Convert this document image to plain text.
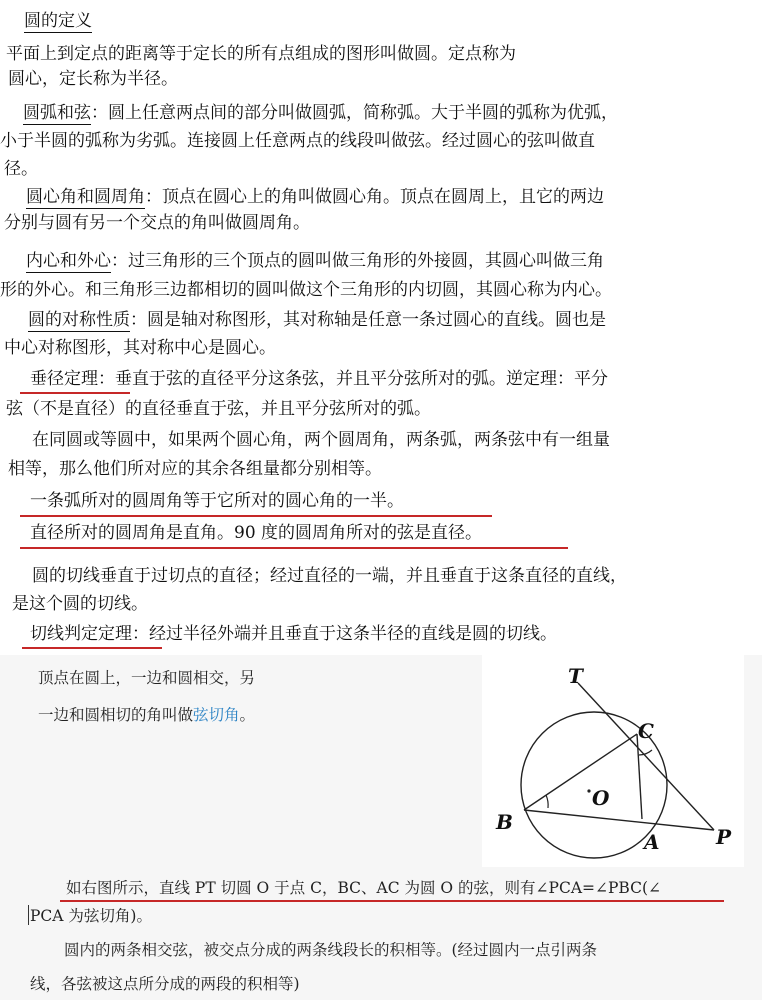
圆的定义
平面上到定点的距离等于定长的所有点组成的图形叫做圆。定点称为
圆心，定长称为半径。
圆弧和弦：圆上任意两点间的部分叫做圆弧，简称弧。大于半圆的弧称为优弧，
小于半圆的弧称为劣弧。连接圆上任意两点的线段叫做弦。经过圆心的弦叫做直
径。
圆心角和圆周角：顶点在圆心上的角叫做圆心角。顶点在圆周上，且它的两边
分别与圆有另一个交点的角叫做圆周角。
内心和外心：过三角形的三个顶点的圆叫做三角形的外接圆，其圆心叫做三角
形的外心。和三角形三边都相切的圆叫做这个三角形的内切圆，其圆心称为内心。
圆的对称性质：圆是轴对称图形，其对称轴是任意一条过圆心的直线。圆也是
中心对称图形，其对称中心是圆心。
垂径定理：垂直于弦的直径平分这条弦，并且平分弦所对的弧。逆定理：平分
弦（不是直径）的直径垂直于弦，并且平分弦所对的弧。
在同圆或等圆中，如果两个圆心角，两个圆周角，两条弧，两条弦中有一组量
相等，那么他们所对应的其余各组量都分别相等。
一条弧所对的圆周角等于它所对的圆心角的一半。
直径所对的圆周角是直角。90 度的圆周角所对的弦是直径。
圆的切线垂直于过切点的直径；经过直径的一端，并且垂直于这条直径的直线，
是这个圆的切线。
切线判定定理：经过半径外端并且垂直于这条半径的直线是圆的切线。
顶点在圆上，一边和圆相交，另
一边和圆相切的角叫做弦切角。
如右图所示，直线 PT 切圆 O 于点 C，BC、AC 为圆 O 的弦，则有∠PCA=∠PBC(∠
PCA 为弦切角)。
圆内的两条相交弦，被交点分成的两条线段长的积相等。(经过圆内一点引两条
线，各弦被这点所分成的两段的积相等)
T
C
O
B
A	P
